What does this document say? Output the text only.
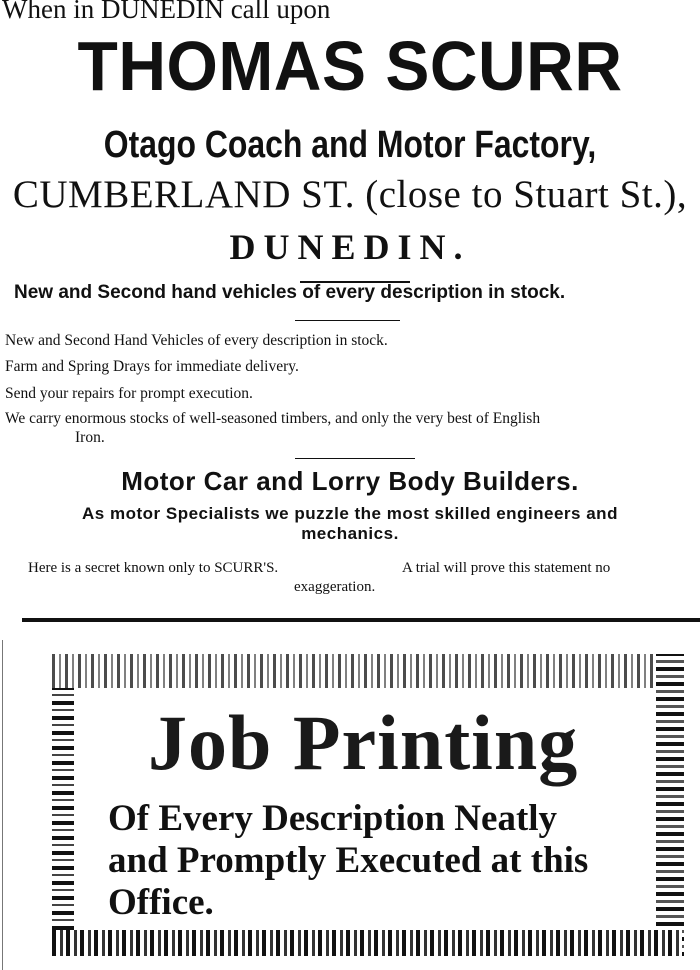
When in DUNEDIN call upon
THOMAS SCURR
Otago Coach and Motor Factory,
CUMBERLAND ST. (close to Stuart St.),
DUNEDIN.
New and Second hand vehicles of every description in stock.
New and Second Hand Vehicles of every description in stock.
Farm and Spring Drays for immediate delivery.
Send your repairs for prompt execution.
We carry enormous stocks of well-seasoned timbers, and only the very best of English
Iron.
Motor Car and Lorry Body Builders.
As motor Specialists we puzzle the most skilled engineers and
mechanics.
Here is a secret known only to SCURR'S.	A trial will prove this statement no
exaggeration.
Job Printing
Of Every Description Neatly
and Promptly Executed at this
Office.
